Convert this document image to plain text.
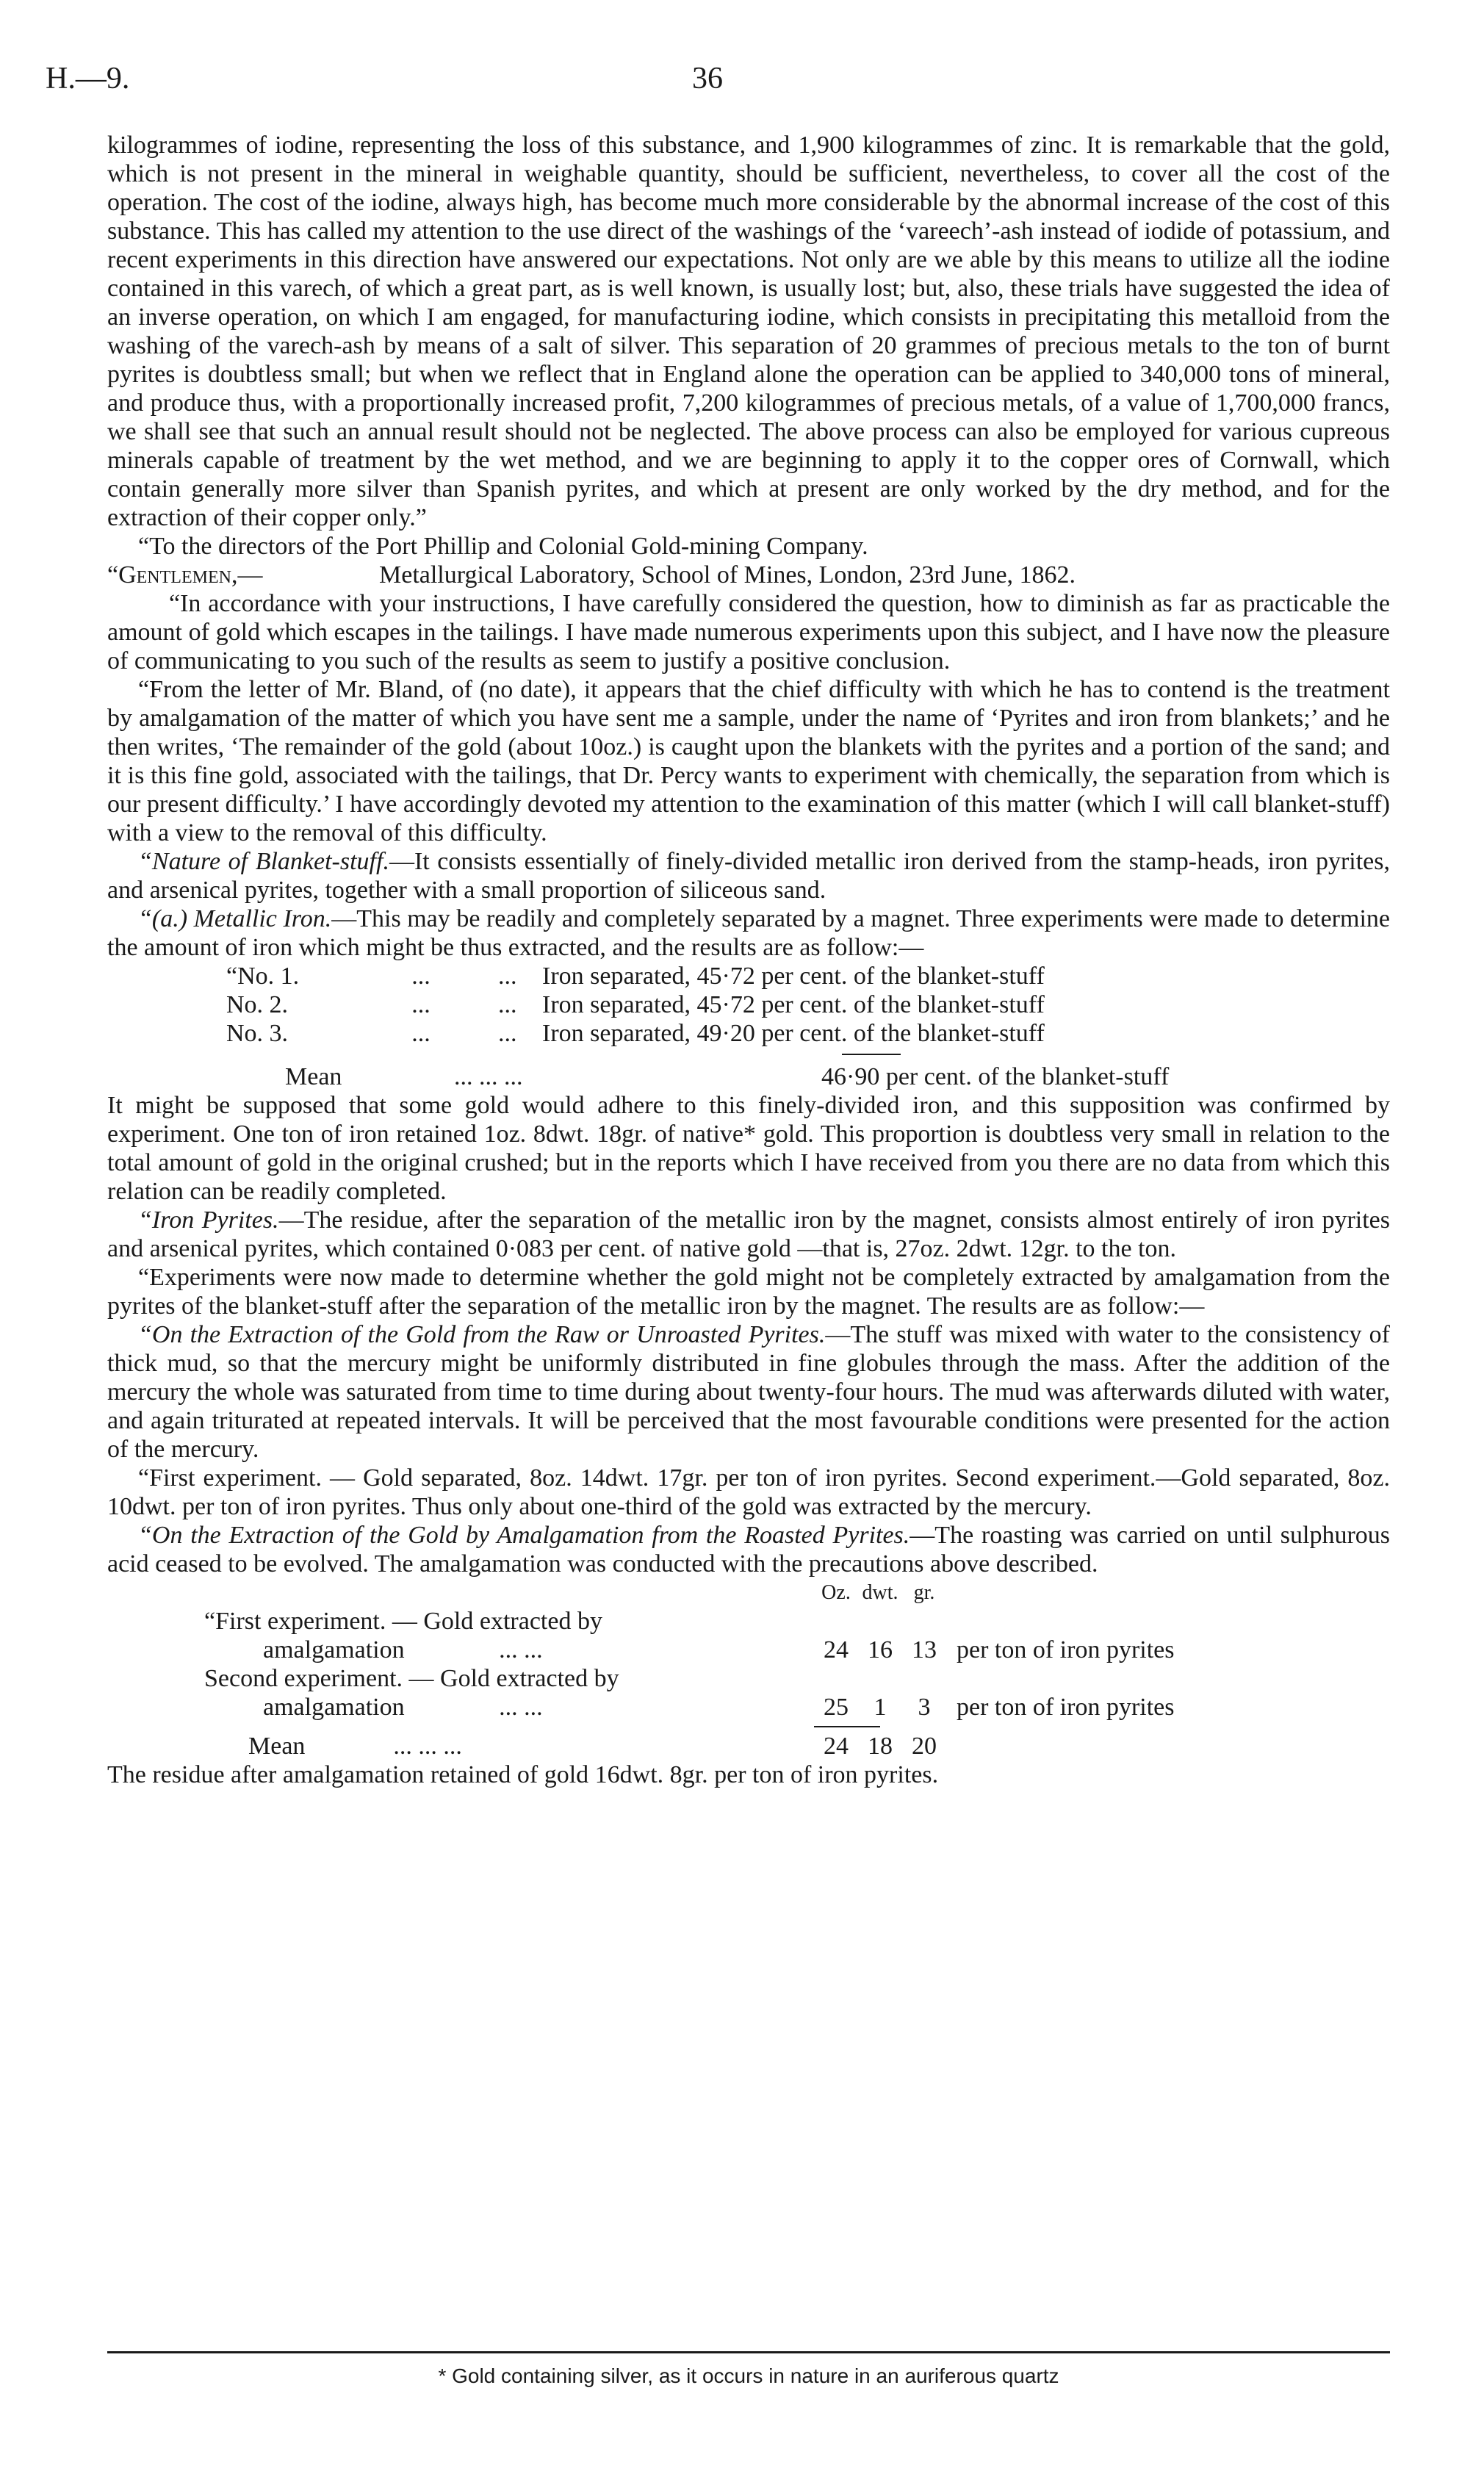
H.—9.	36

kilogrammes of iodine, representing the loss of this substance, and 1,900 kilogrammes of zinc. It is remarkable that the gold, which is not present in the mineral in weighable quantity, should be sufficient, nevertheless, to cover all the cost of the operation. The cost of the iodine, always high, has become much more considerable by the abnormal increase of the cost of this substance. This has called my attention to the use direct of the washings of the ‘vareech’-ash instead of iodide of potassium, and recent experiments in this direction have answered our expectations. Not only are we able by this means to utilize all the iodine contained in this varech, of which a great part, as is well known, is usually lost; but, also, these trials have suggested the idea of an inverse operation, on which I am engaged, for manufacturing iodine, which consists in precipitating this metalloid from the washing of the varech-ash by means of a salt of silver. This separation of 20 grammes of precious metals to the ton of burnt pyrites is doubtless small; but when we reflect that in England alone the operation can be applied to 340,000 tons of mineral, and produce thus, with a proportionally increased profit, 7,200 kilogrammes of precious metals, of a value of 1,700,000 francs, we shall see that such an annual result should not be neglected. The above process can also be employed for various cupreous minerals capable of treatment by the wet method, and we are beginning to apply it to the copper ores of Cornwall, which contain generally more silver than Spanish pyrites, and which at present are only worked by the dry method, and for the extraction of their copper only.”

“To the directors of the Port Phillip and Colonial Gold-mining Company.

“Gentlemen,—	Metallurgical Laboratory, School of Mines, London, 23rd June, 1862.

“In accordance with your instructions, I have carefully considered the question, how to diminish as far as practicable the amount of gold which escapes in the tailings. I have made numerous experiments upon this subject, and I have now the pleasure of communicating to you such of the results as seem to justify a positive conclusion.

“From the letter of Mr. Bland, of (no date), it appears that the chief difficulty with which he has to contend is the treatment by amalgamation of the matter of which you have sent me a sample, under the name of ‘Pyrites and iron from blankets;’ and he then writes, ‘The remainder of the gold (about 10oz.) is caught upon the blankets with the pyrites and a portion of the sand; and it is this fine gold, associated with the tailings, that Dr. Percy wants to experiment with chemically, the separation from which is our present difficulty.’ I have accordingly devoted my attention to the examination of this matter (which I will call blanket-stuff) with a view to the removal of this difficulty.

“Nature of Blanket-stuff.—It consists essentially of finely-divided metallic iron derived from the stamp-heads, iron pyrites, and arsenical pyrites, together with a small proportion of siliceous sand.

“(a.) Metallic Iron.—This may be readily and completely separated by a magnet. Three experiments were made to determine the amount of iron which might be thus extracted, and the results are as follow:—

“No. 1.	...	...	Iron separated, 45·72 per cent. of the blanket-stuff
No. 2.	...	...	Iron separated, 45·72 per cent. of the blanket-stuff
No. 3.	...	...	Iron separated, 49·20 per cent. of the blanket-stuff
Mean	... ... ...	46·90 per cent. of the blanket-stuff

It might be supposed that some gold would adhere to this finely-divided iron, and this supposition was confirmed by experiment. One ton of iron retained 1oz. 8dwt. 18gr. of native* gold. This proportion is doubtless very small in relation to the total amount of gold in the original crushed; but in the reports which I have received from you there are no data from which this relation can be readily completed.

“Iron Pyrites.—The residue, after the separation of the metallic iron by the magnet, consists almost entirely of iron pyrites and arsenical pyrites, which contained 0·083 per cent. of native gold —that is, 27oz. 2dwt. 12gr. to the ton.

“Experiments were now made to determine whether the gold might not be completely extracted by amalgamation from the pyrites of the blanket-stuff after the separation of the metallic iron by the magnet. The results are as follow:—

“On the Extraction of the Gold from the Raw or Unroasted Pyrites.—The stuff was mixed with water to the consistency of thick mud, so that the mercury might be uniformly distributed in fine globules through the mass. After the addition of the mercury the whole was saturated from time to time during about twenty-four hours. The mud was afterwards diluted with water, and again triturated at repeated intervals. It will be perceived that the most favourable conditions were presented for the action of the mercury.

“First experiment. — Gold separated, 8oz. 14dwt. 17gr. per ton of iron pyrites. Second experiment.—Gold separated, 8oz. 10dwt. per ton of iron pyrites. Thus only about one-third of the gold was extracted by the mercury.

“On the Extraction of the Gold by Amalgamation from the Roasted Pyrites.—The roasting was carried on until sulphurous acid ceased to be evolved. The amalgamation was conducted with the precautions above described.

	Oz.	dwt.	gr.	
“First experiment. — Gold extracted by				
amalgamation ... ...	24	16	13	per ton of iron pyrites
Second experiment. — Gold extracted by				
amalgamation ... ...	25	1	3	per ton of iron pyrites
Mean	... ... ...	24	18	20	

The residue after amalgamation retained of gold 16dwt. 8gr. per ton of iron pyrites.

* Gold containing silver, as it occurs in nature in an auriferous quartz
